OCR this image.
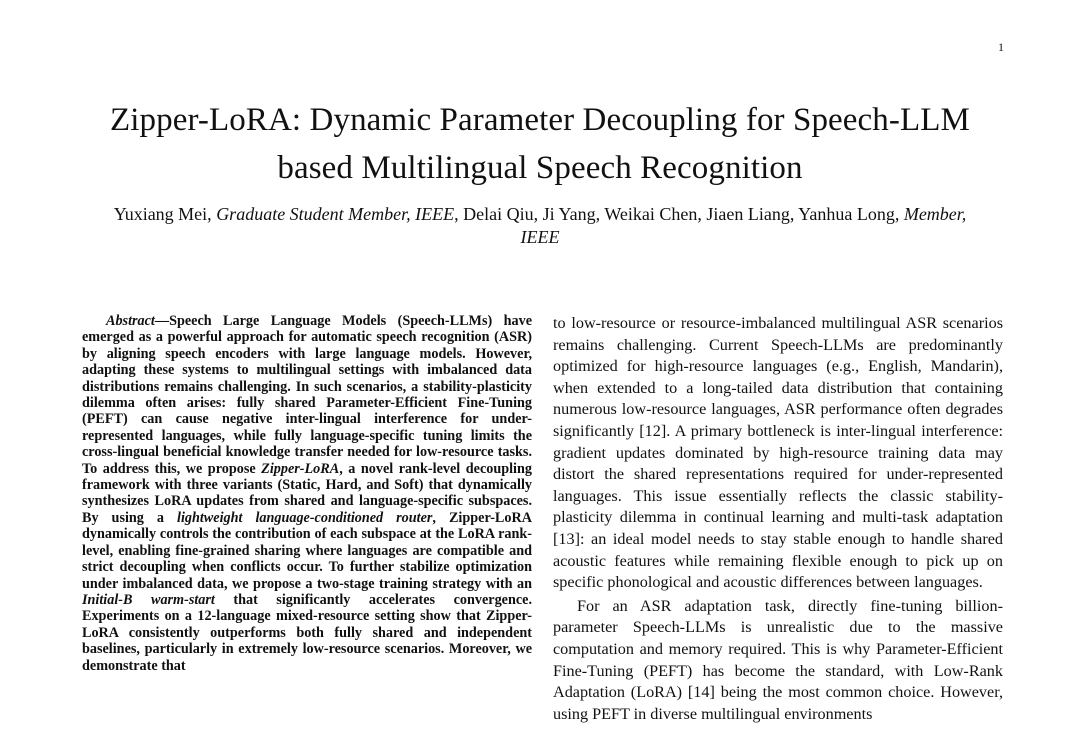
1
Zipper-LoRA: Dynamic Parameter Decoupling for Speech-LLM
based Multilingual Speech Recognition
Yuxiang Mei, Graduate Student Member, IEEE, Delai Qiu, Ji Yang, Weikai Chen, Jiaen Liang, Yanhua Long, Member, IEEE

Abstract—Speech Large Language Models (Speech-LLMs) have emerged as a powerful approach for automatic speech recognition (ASR) by aligning speech encoders with large language models. However, adapting these systems to multilingual settings with imbalanced data distributions remains challenging. In such scenarios, a stability-plasticity dilemma often arises: fully shared Parameter-Efficient Fine-Tuning (PEFT) can cause negative inter-lingual interference for under-represented languages, while fully language-specific tuning limits the cross-lingual beneficial knowledge transfer needed for low-resource tasks. To address this, we propose Zipper-LoRA, a novel rank-level decoupling framework with three variants (Static, Hard, and Soft) that dynamically synthesizes LoRA updates from shared and language-specific subspaces. By using a lightweight language-conditioned router, Zipper-LoRA dynamically controls the contribution of each subspace at the LoRA rank-level, enabling fine-grained sharing where languages are compatible and strict decoupling when conflicts occur. To further stabilize optimization under imbalanced data, we propose a two-stage training strategy with an Initial-B warm-start that significantly accelerates convergence. Experiments on a 12-language mixed-resource setting show that Zipper-LoRA consistently outperforms both fully shared and independent baselines, particularly in extremely low-resource scenarios. Moreover, we demonstrate that

to low-resource or resource-imbalanced multilingual ASR scenarios remains challenging. Current Speech-LLMs are predominantly optimized for high-resource languages (e.g., English, Mandarin), when extended to a long-tailed data distribution that containing numerous low-resource languages, ASR performance often degrades significantly [12]. A primary bottleneck is inter-lingual interference: gradient updates dominated by high-resource training data may distort the shared representations required for under-represented languages. This issue essentially reflects the classic stability-plasticity dilemma in continual learning and multi-task adaptation [13]: an ideal model needs to stay stable enough to handle shared acoustic features while remaining flexible enough to pick up on specific phonological and acoustic differences between languages.

For an ASR adaptation task, directly fine-tuning billion-parameter Speech-LLMs is unrealistic due to the massive computation and memory required. This is why Parameter-Efficient Fine-Tuning (PEFT) has become the standard, with Low-Rank Adaptation (LoRA) [14] being the most common choice. However, using PEFT in diverse multilingual environments
